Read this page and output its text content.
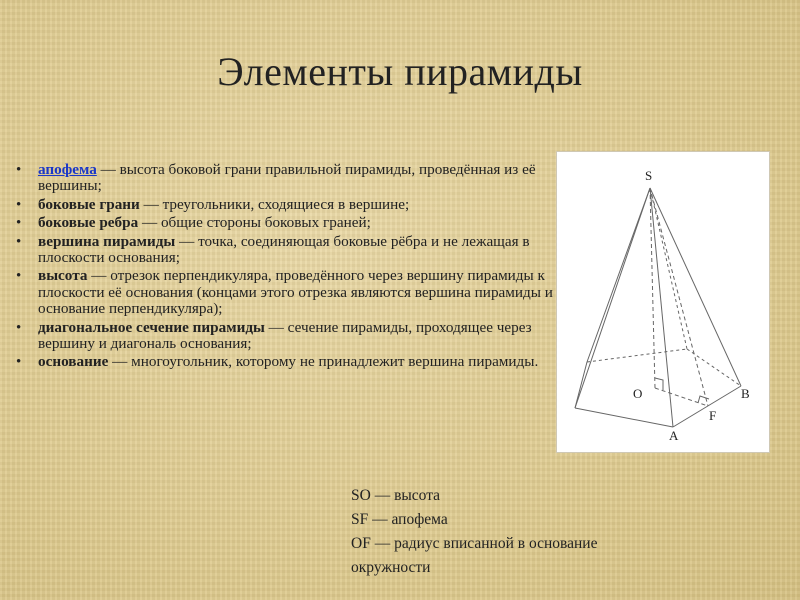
Элементы пирамиды
• апофема — высота боковой грани правильной пирамиды, проведённая из её вершины;
• боковые грани — треугольники, сходящиеся в вершине;
• боковые ребра — общие стороны боковых граней;
• вершина пирамиды — точка, соединяющая боковые рёбра и не лежащая в плоскости основания;
• высота — отрезок перпендикуляра, проведённого через вершину пирамиды к плоскости её основания (концами этого отрезка являются вершина пирамиды и основание перпендикуляра);
• диагональное сечение пирамиды — сечение пирамиды, проходящее через вершину и диагональ основания;
• основание — многоугольник, которому не принадлежит вершина пирамиды.
S
O
A
B
F
SO — высота
SF — апофема
OF — радиус вписанной в основание
окружности
